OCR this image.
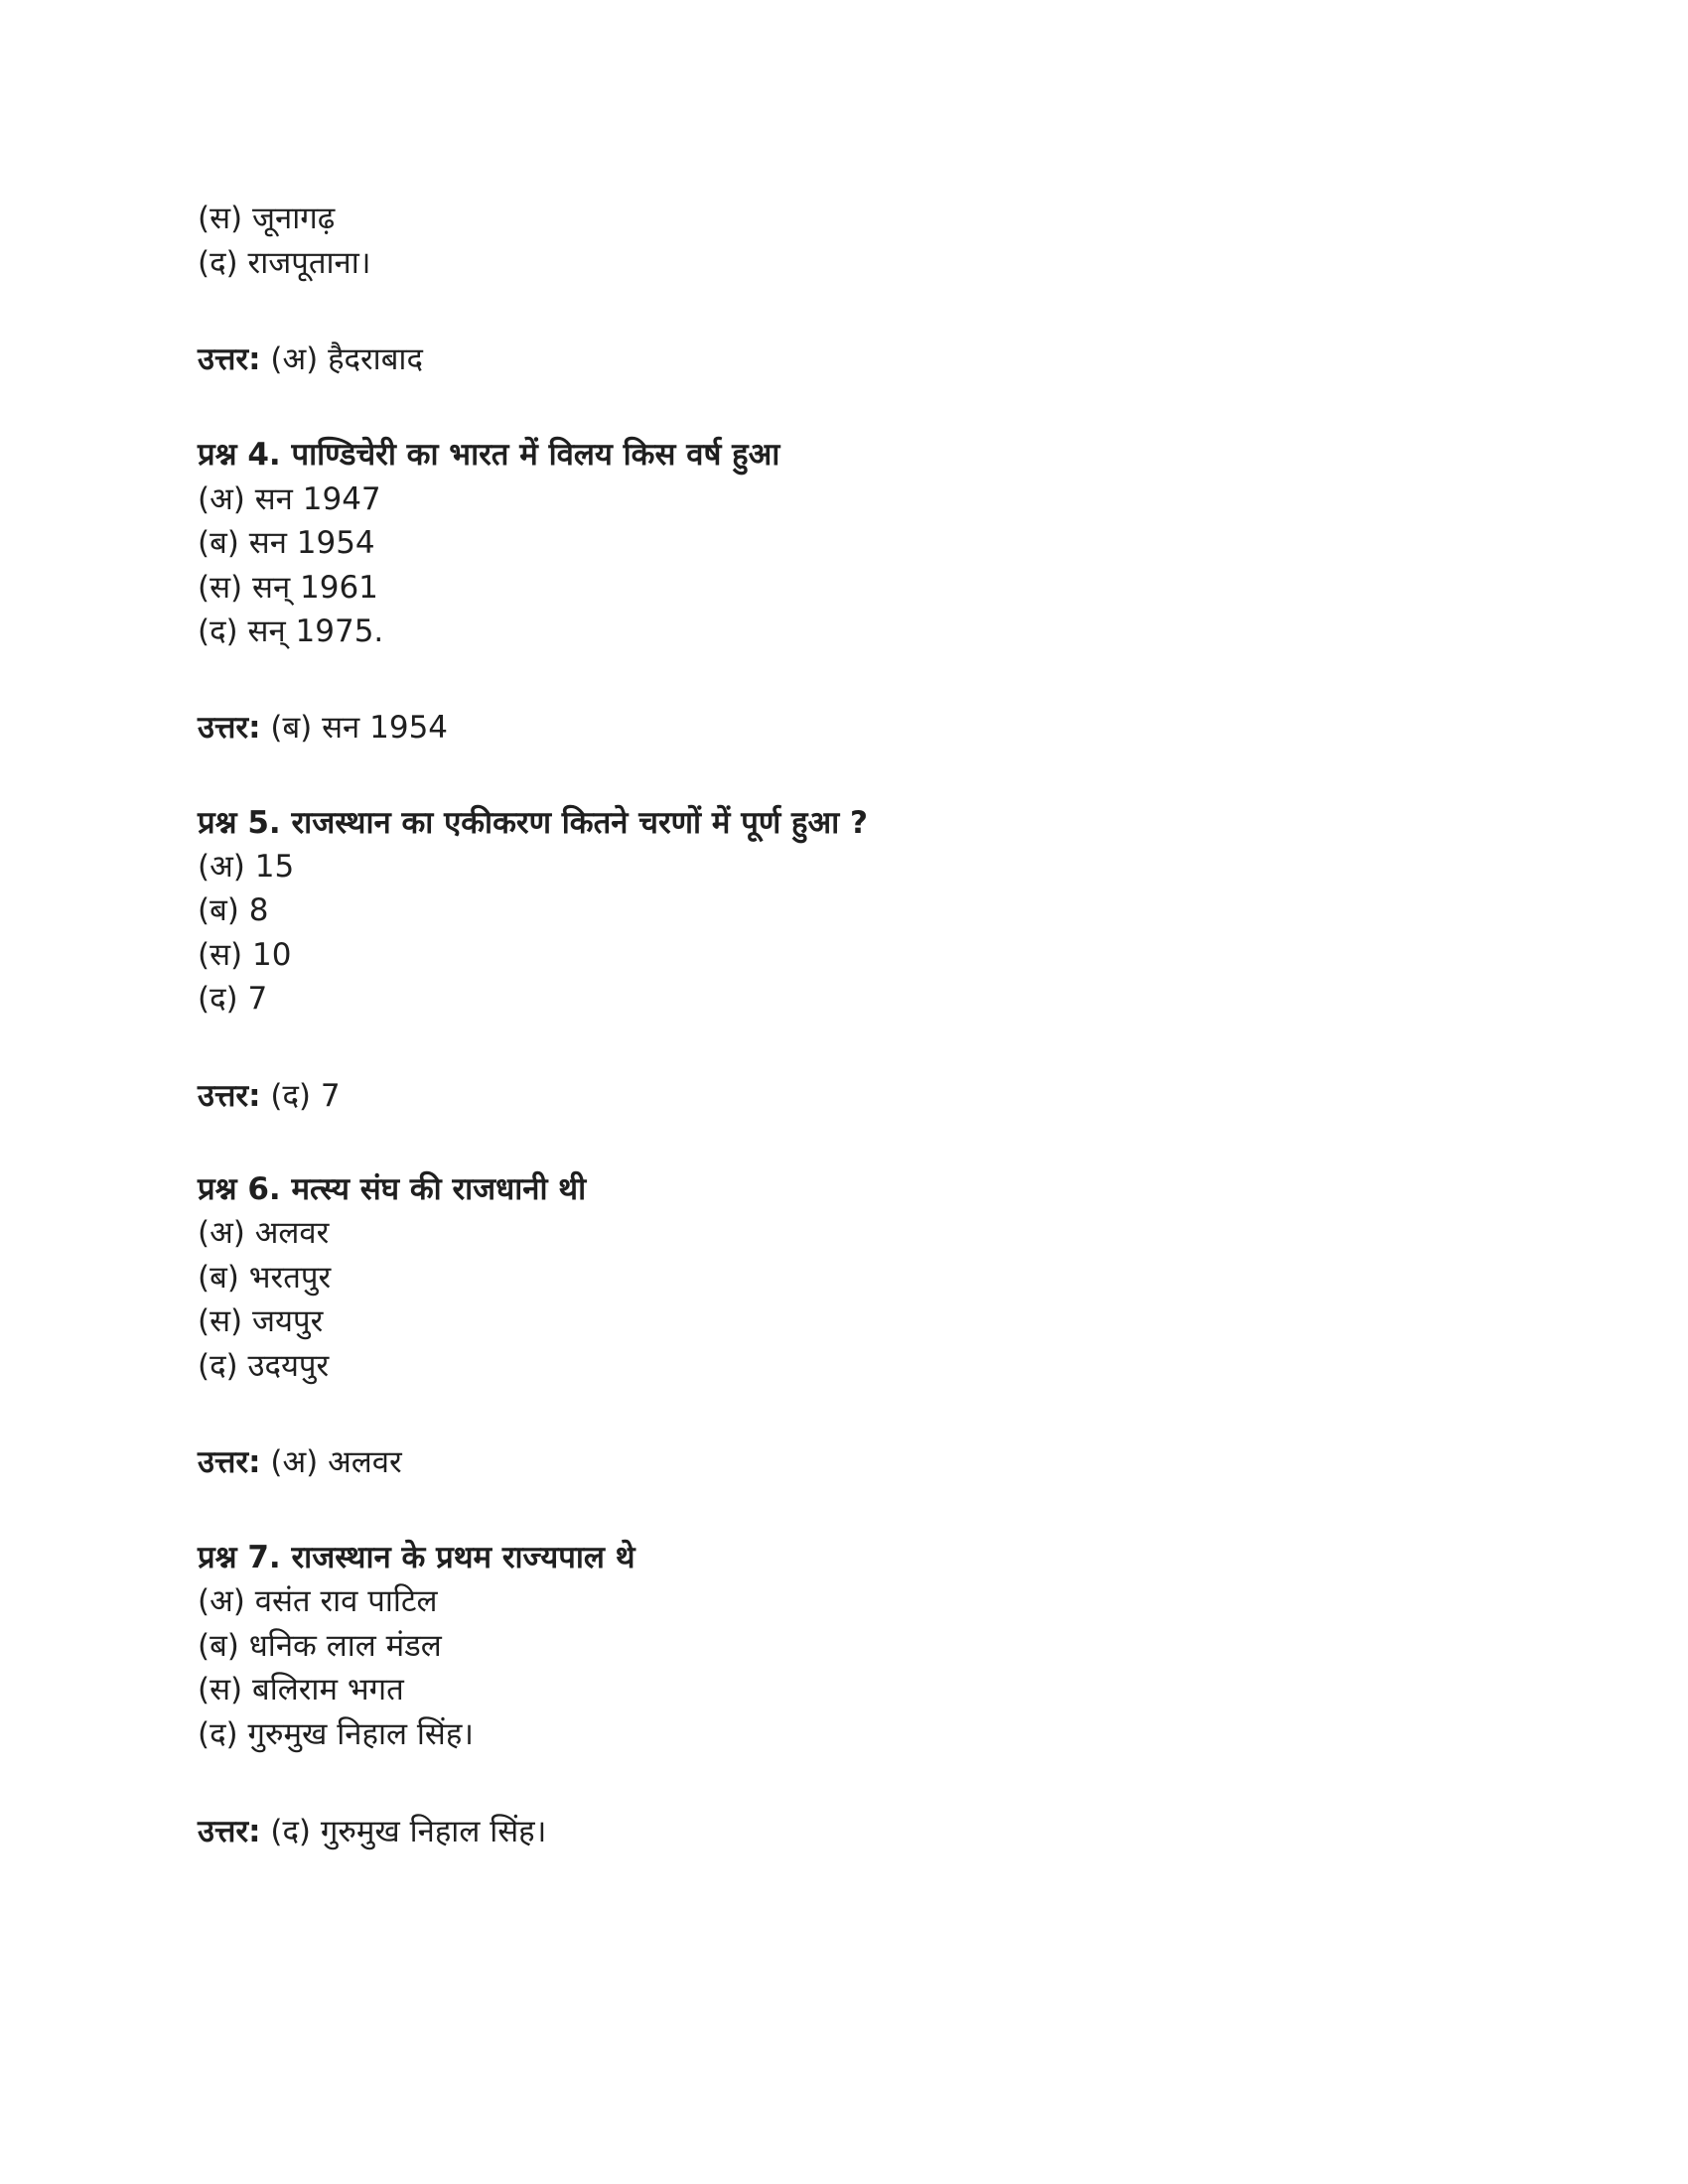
(स) जूनागढ़
(द) राजपूताना।
उत्तर: (अ) हैदराबाद
प्रश्न 4. पाण्डिचेरी का भारत में विलय किस वर्ष हुआ
(अ) सन 1947
(ब) सन 1954
(स) सन् 1961
(द) सन् 1975.
उत्तर: (ब) सन 1954
प्रश्न 5. राजस्थान का एकीकरण कितने चरणों में पूर्ण हुआ ?
(अ) 15
(ब) 8
(स) 10
(द) 7
उत्तर: (द) 7
प्रश्न 6. मत्स्य संघ की राजधानी थी
(अ) अलवर
(ब) भरतपुर
(स) जयपुर
(द) उदयपुर
उत्तर: (अ) अलवर
प्रश्न 7. राजस्थान के प्रथम राज्यपाल थे
(अ) वसंत राव पाटिल
(ब) धनिक लाल मंडल
(स) बलिराम भगत
(द) गुरुमुख निहाल सिंह।
उत्तर: (द) गुरुमुख निहाल सिंह।
